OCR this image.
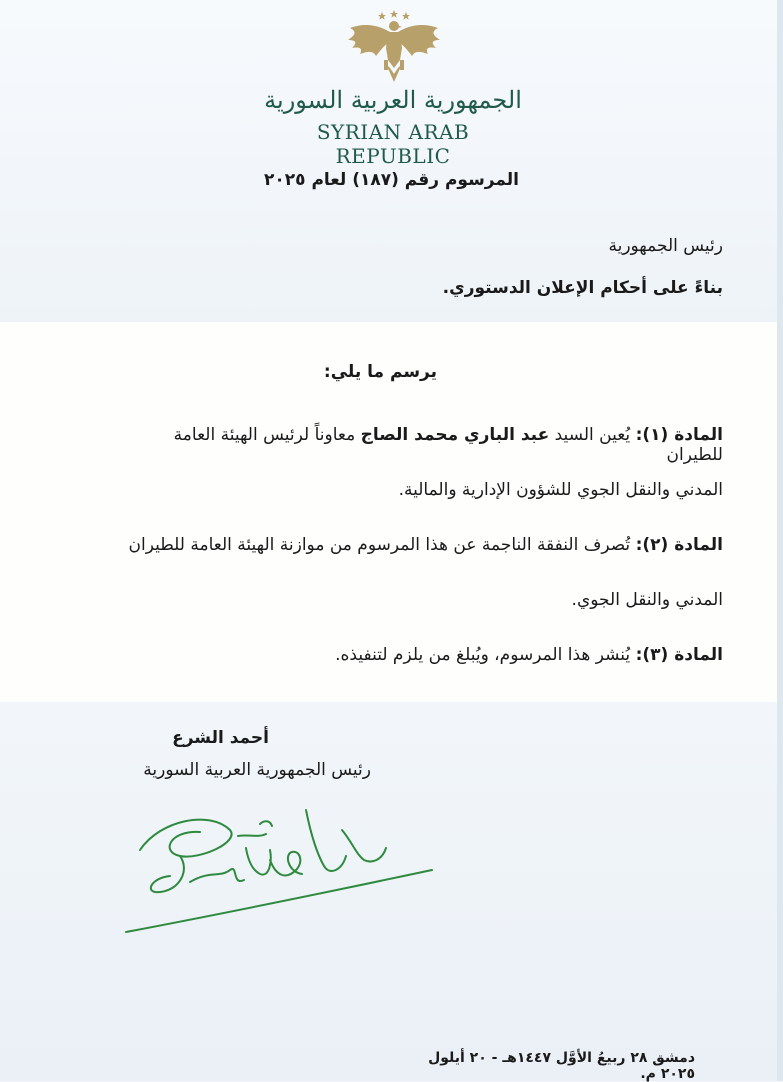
الجمهورية العربية السورية
SYRIAN ARAB REPUBLIC
المرسوم رقم (١٨٧) لعام ٢٠٢٥
رئيس الجمهورية
بناءً على أحكام الإعلان الدستوري.
يرسم ما يلي:
المادة (١): يُعين السيد عبد الباري محمد الصاج معاوناً لرئيس الهيئة العامة للطيران
المدني والنقل الجوي للشؤون الإدارية والمالية.
المادة (٢): تُصرف النفقة الناجمة عن هذا المرسوم من موازنة الهيئة العامة للطيران
المدني والنقل الجوي.
المادة (٣): يُنشر هذا المرسوم، ويُبلغ من يلزم لتنفيذه.
أحمد الشرع
رئيس الجمهورية العربية السورية
دمشق ٢٨ ربيعُ الأوَّل ١٤٤٧هـ - ٢٠ أيلول ٢٠٢٥ م.
